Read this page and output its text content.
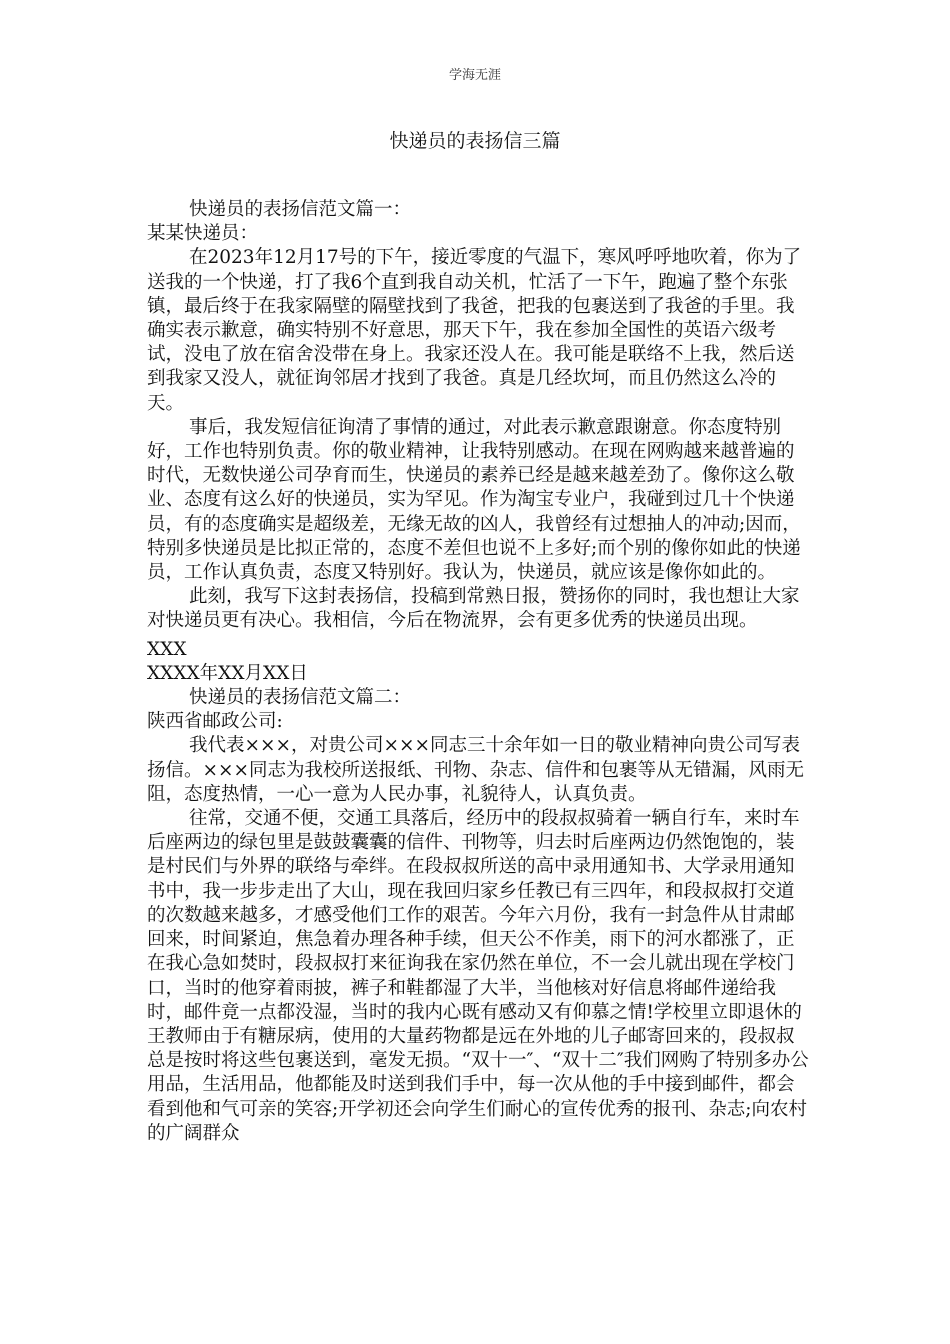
学海无涯
快递员的表扬信三篇

快递员的表扬信范文篇一：

某某快递员：

在2023年12月17号的下午，接近零度的气温下，寒风呼呼地吹着，你为了送我的一个快递，打了我6个直到我自动关机，忙活了一下午，跑遍了整个东张镇，最后终于在我家隔壁的隔壁找到了我爸，把我的包裹送到了我爸的手里。我确实表示歉意，确实特别不好意思，那天下午，我在参加全国性的英语六级考试，没电了放在宿舍没带在身上。我家还没人在。我可能是联络不上我，然后送到我家又没人，就征询邻居才找到了我爸。真是几经坎坷，而且仍然这么冷的天。

事后，我发短信征询清了事情的通过，对此表示歉意跟谢意。你态度特别好，工作也特别负责。你的敬业精神，让我特别感动。在现在网购越来越普遍的时代，无数快递公司孕育而生，快递员的素养已经是越来越差劲了。像你这么敬业、态度有这么好的快递员，实为罕见。作为淘宝专业户，我碰到过几十个快递员，有的态度确实是超级差，无缘无故的凶人，我曾经有过想抽人的冲动;因而，特别多快递员是比拟正常的，态度不差但也说不上多好;而个别的像你如此的快递员，工作认真负责，态度又特别好。我认为，快递员，就应该是像你如此的。

此刻，我写下这封表扬信，投稿到常熟日报，赞扬你的同时，我也想让大家对快递员更有决心。我相信，今后在物流界，会有更多优秀的快递员出现。

XXX

XXXX年XX月XX日

快递员的表扬信范文篇二：

陕西省邮政公司:

我代表×××，对贵公司×××同志三十余年如一日的敬业精神向贵公司写表扬信。×××同志为我校所送报纸、刊物、杂志、信件和包裹等从无错漏，风雨无阻，态度热情，一心一意为人民办事，礼貌待人，认真负责。

往常，交通不便，交通工具落后，经历中的段叔叔骑着一辆自行车，来时车后座两边的绿包里是鼓鼓囊囊的信件、刊物等，归去时后座两边仍然饱饱的，装是村民们与外界的联络与牵绊。在段叔叔所送的高中录用通知书、大学录用通知书中，我一步步走出了大山，现在我回归家乡任教已有三四年，和段叔叔打交道的次数越来越多，才感受他们工作的艰苦。今年六月份，我有一封急件从甘肃邮回来，时间紧迫，焦急着办理各种手续，但天公不作美，雨下的河水都涨了，正在我心急如焚时，段叔叔打来征询我在家仍然在单位，不一会儿就出现在学校门口，当时的他穿着雨披，裤子和鞋都湿了大半，当他核对好信息将邮件递给我时，邮件竟一点都没湿，当时的我内心既有感动又有仰慕之情!学校里立即退休的王教师由于有糖尿病，使用的大量药物都是远在外地的儿子邮寄回来的，段叔叔总是按时将这些包裹送到，毫发无损。“双十一″、“双十二″我们网购了特别多办公用品，生活用品，他都能及时送到我们手中，每一次从他的手中接到邮件，都会看到他和气可亲的笑容;开学初还会向学生们耐心的宣传优秀的报刊、杂志;向农村的广阔群众
